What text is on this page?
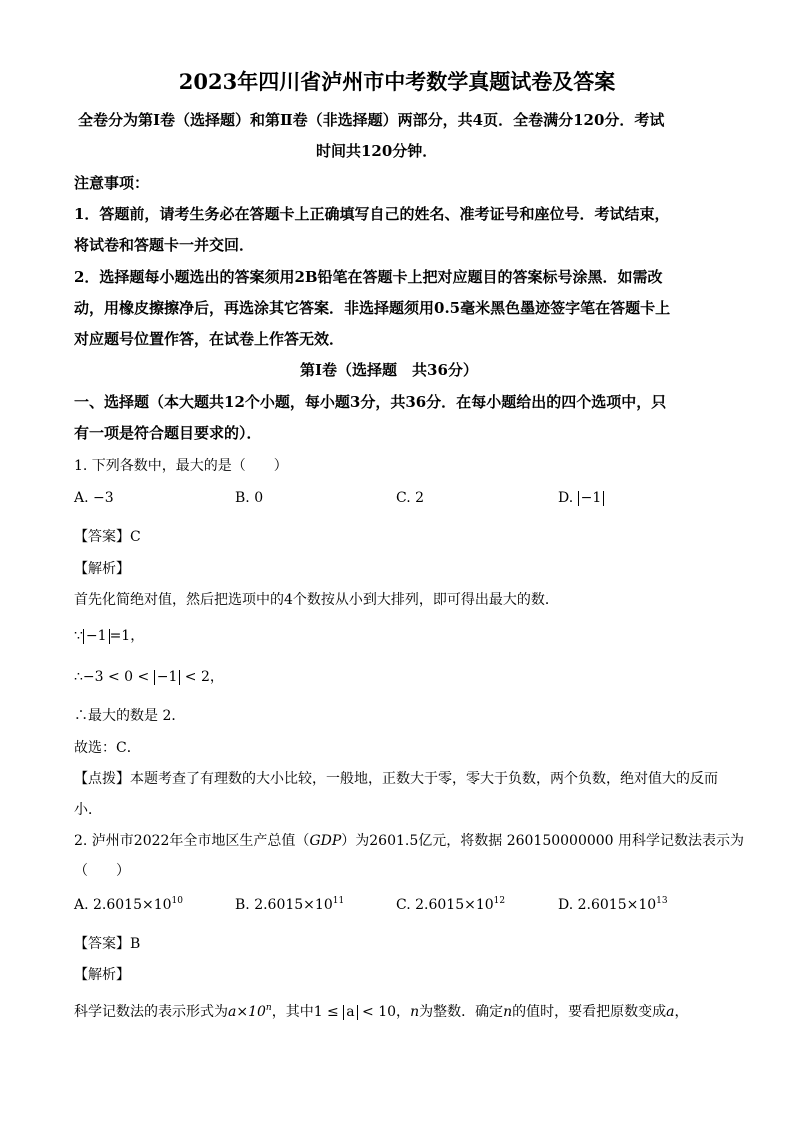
2023年四川省泸州市中考数学真题试卷及答案
全卷分为第Ⅰ卷（选择题）和第Ⅱ卷（非选择题）两部分，共4页．全卷满分120分．考试
时间共120分钟．
注意事项：
1．答题前，请考生务必在答题卡上正确填写自己的姓名、准考证号和座位号．考试结束，
将试卷和答题卡一并交回．
2．选择题每小题选出的答案须用2B铅笔在答题卡上把对应题目的答案标号涂黑．如需改
动，用橡皮擦擦净后，再选涂其它答案．非选择题须用0.5毫米黑色墨迹签字笔在答题卡上
对应题号位置作答，在试卷上作答无效．
第Ⅰ卷（选择题　共36分）
一、选择题（本大题共12个小题，每小题3分，共36分．在每小题给出的四个选项中，只
有一项是符合题目要求的）．
1. 下列各数中，最大的是（　　）
A. −3	B. 0	C. 2	D. −1
【答案】C
【解析】
首先化简绝对值，然后把选项中的4个数按从小到大排列，即可得出最大的数．
∵ −1 =1，
∴−3 < 0 < −1 < 2，
∴最大的数是 2．
故选：C．
【点拨】本题考查了有理数的大小比较，一般地，正数大于零，零大于负数，两个负数，绝对值大的反而
小．
2. 泸州市2022年全市地区生产总值（GDP）为2601.5亿元，将数据 260150000000 用科学记数法表示为
（　　）
A. $2.6015\times 10^{10}$	B. $2.6015\times 10^{11}$	C. $2.6015\times 10^{12}$	D. $2.6015\times 10^{13}$
【答案】B
【解析】
科学记数法的表示形式为$a\times 10^n$，其中1 ≤ a < 10，n为整数．确定n的值时，要看把原数变成a，
